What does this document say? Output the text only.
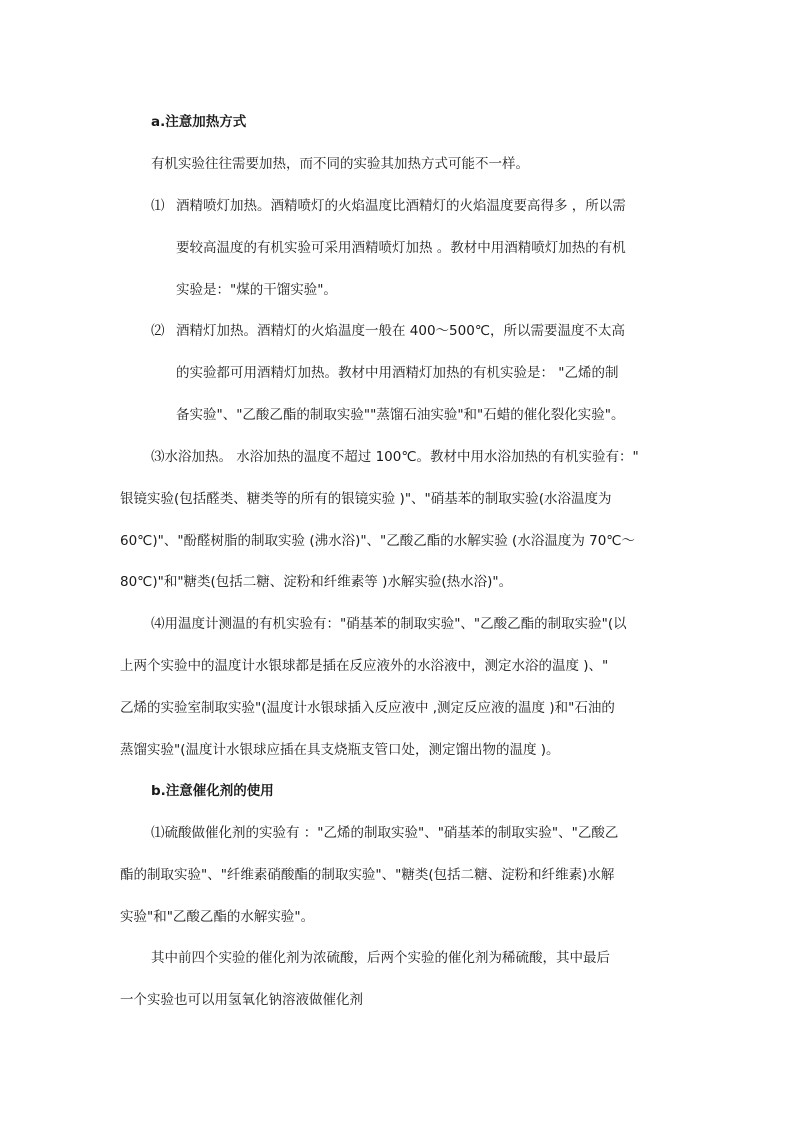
a.注意加热方式
有机实验往往需要加热，而不同的实验其加热方式可能不一样。
⑴ 酒精喷灯加热。酒精喷灯的火焰温度比酒精灯的火焰温度要高得多 ，所以需
要较高温度的有机实验可采用酒精喷灯加热 。教材中用酒精喷灯加热的有机
实验是："煤的干馏实验"。
⑵ 酒精灯加热。酒精灯的火焰温度一般在 400～500℃，所以需要温度不太高
的实验都可用酒精灯加热。教材中用酒精灯加热的有机实验是： "乙烯的制
备实验"、"乙酸乙酯的制取实验""蒸馏石油实验"和"石蜡的催化裂化实验"。
⑶水浴加热。 水浴加热的温度不超过 100℃。教材中用水浴加热的有机实验有："
银镜实验(包括醛类、糖类等的所有的银镜实验 )"、"硝基苯的制取实验(水浴温度为
60℃)"、"酚醛树脂的制取实验 (沸水浴)"、"乙酸乙酯的水解实验 (水浴温度为 70℃～
80℃)"和"糖类(包括二糖、淀粉和纤维素等 )水解实验(热水浴)"。
⑷用温度计测温的有机实验有："硝基苯的制取实验"、"乙酸乙酯的制取实验"(以
上两个实验中的温度计水银球都是插在反应液外的水浴液中，测定水浴的温度 )、"
乙烯的实验室制取实验"(温度计水银球插入反应液中 ,测定反应液的温度 )和"石油的
蒸馏实验"(温度计水银球应插在具支烧瓶支管口处，测定馏出物的温度 )。
b.注意催化剂的使用
⑴硫酸做催化剂的实验有 ："乙烯的制取实验"、"硝基苯的制取实验"、"乙酸乙
酯的制取实验"、"纤维素硝酸酯的制取实验"、"糖类(包括二糖、淀粉和纤维素)水解
实验"和"乙酸乙酯的水解实验"。
其中前四个实验的催化剂为浓硫酸，后两个实验的催化剂为稀硫酸，其中最后
一个实验也可以用氢氧化钠溶液做催化剂
